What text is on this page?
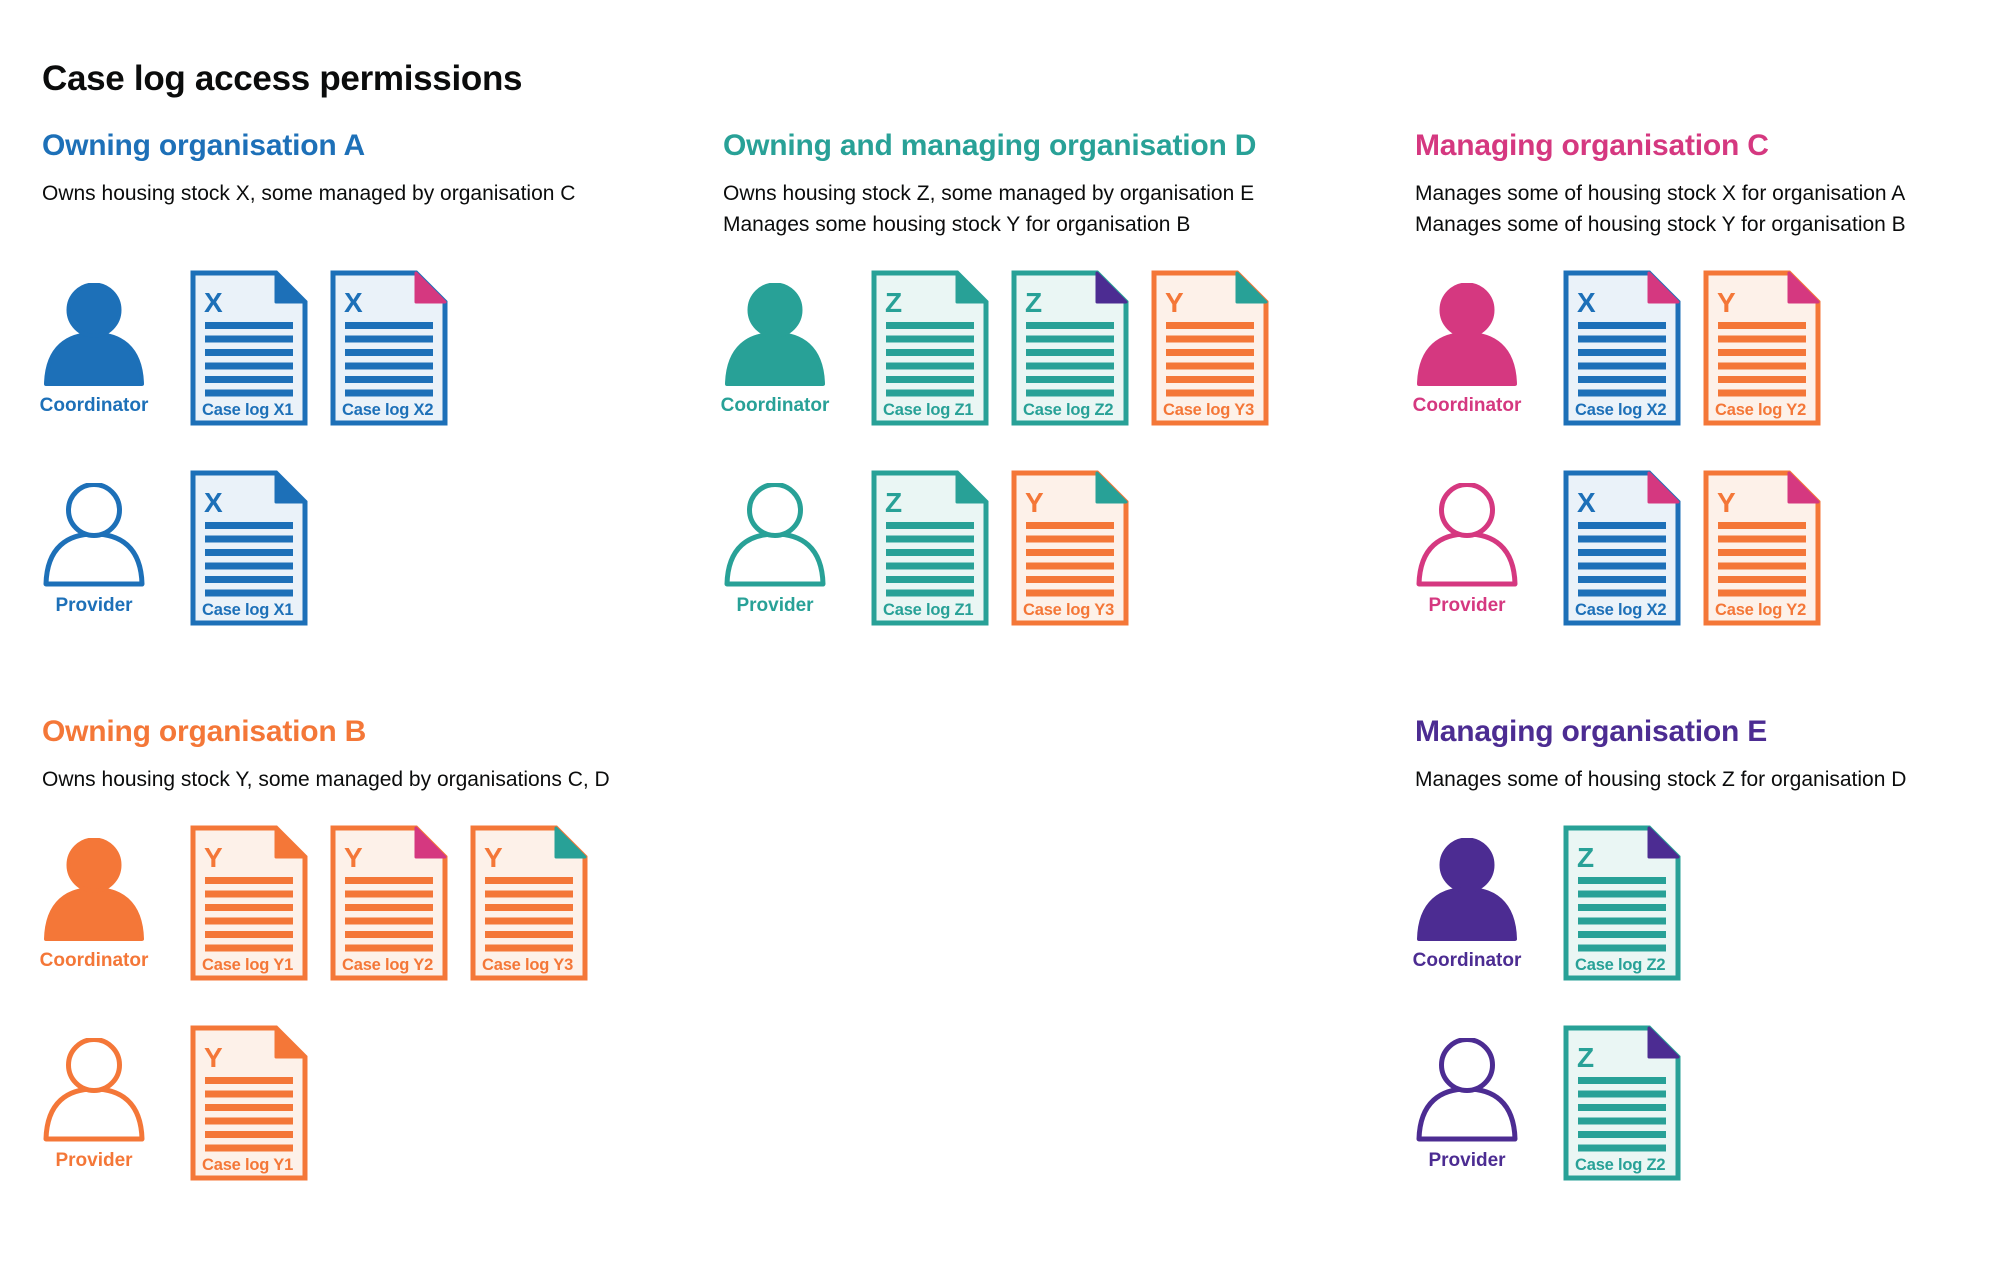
Case log access permissions
Owning organisation A
Owns housing stock X, some managed by organisation C
Coordinator
X
Case log X1
X
Case log X2
Provider
X
Case log X1
Owning and managing organisation D
Owns housing stock Z, some managed by organisation E
Manages some housing stock Y for organisation B
Coordinator
Z
Case log Z1
Z
Case log Z2
Y
Case log Y3
Provider
Z
Case log Z1
Y
Case log Y3
Managing organisation C
Manages some of housing stock X for organisation A
Manages some of housing stock Y for organisation B
Coordinator
X
Case log X2
Y
Case log Y2
Provider
X
Case log X2
Y
Case log Y2
Owning organisation B
Owns housing stock Y, some managed by organisations C, D
Coordinator
Y
Case log Y1
Y
Case log Y2
Y
Case log Y3
Provider
Y
Case log Y1
Managing organisation E
Manages some of housing stock Z for organisation D
Coordinator
Z
Case log Z2
Provider
Z
Case log Z2
